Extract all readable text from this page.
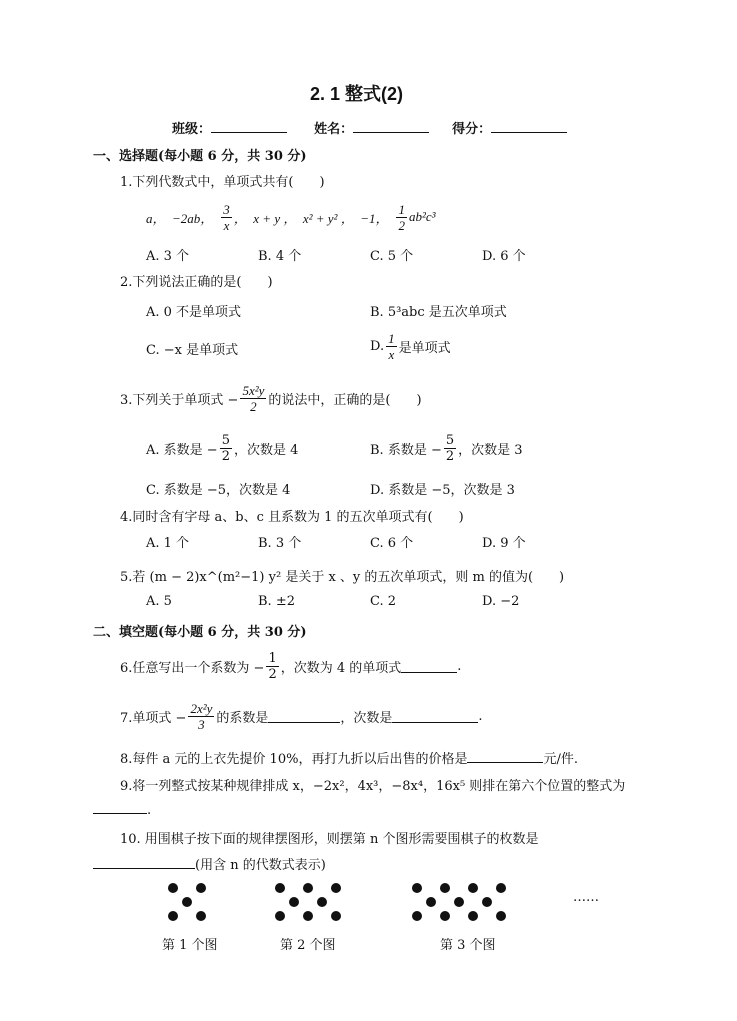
2. 1 整式(2)
班级：	姓名：	得分：
一、选择题(每小题 6 分，共 30 分)
1.下列代数式中，单项式共有(　　)
a，　−2ab， $\frac{3}{x}$ ，　x + y ，　x² + y² ，　−1， $\frac{1}{2} ab^2c^3$
A. 3 个	B. 4 个	C. 5 个	D. 6 个
2.下列说法正确的是(　　)
A. 0 不是单项式	B. 5³abc 是五次单项式
C. −x 是单项式	D. $\frac{1}{x}$ 是单项式
3.下列关于单项式 − $\frac{\text{5x²y}}{2}$ 的说法中，正确的是(　　)
A. 系数是 − $\frac{5}{2}$ ，次数是 4	B. 系数是 − $\frac{5}{2}$ ，次数是 3
C. 系数是 −5，次数是 4	D. 系数是 −5，次数是 3
4.同时含有字母 a、b、c 且系数为 1 的五次单项式有(　　)
A. 1 个	B. 3 个	C. 6 个	D. 9 个
5.若 (m − 2)x^(m²−1) y² 是关于 x 、y 的五次单项式，则 m 的值为(　　)
A. 5	B. ±2	C. 2	D. −2
二、填空题(每小题 6 分，共 30 分)
6.任意写出一个系数为 − $\frac{1}{2}$ ，次数为 4 的单项式	.
7.单项式 − $\frac{\text{2x²y}}{3}$ 的系数是	，次数是	.
8.每件 a 元的上衣先提价 10%，再打九折以后出售的价格是	元/件.
9.将一列整式按某种规律排成 x，−2x²，4x³，−8x⁴，16x⁵ 则排在第六个位置的整式为
.
10. 用围棋子按下面的规律摆图形，则摆第 n 个图形需要围棋子的枚数是
(用含 n 的代数式表示)
……
第 1 个图	第 2 个图	第 3 个图
